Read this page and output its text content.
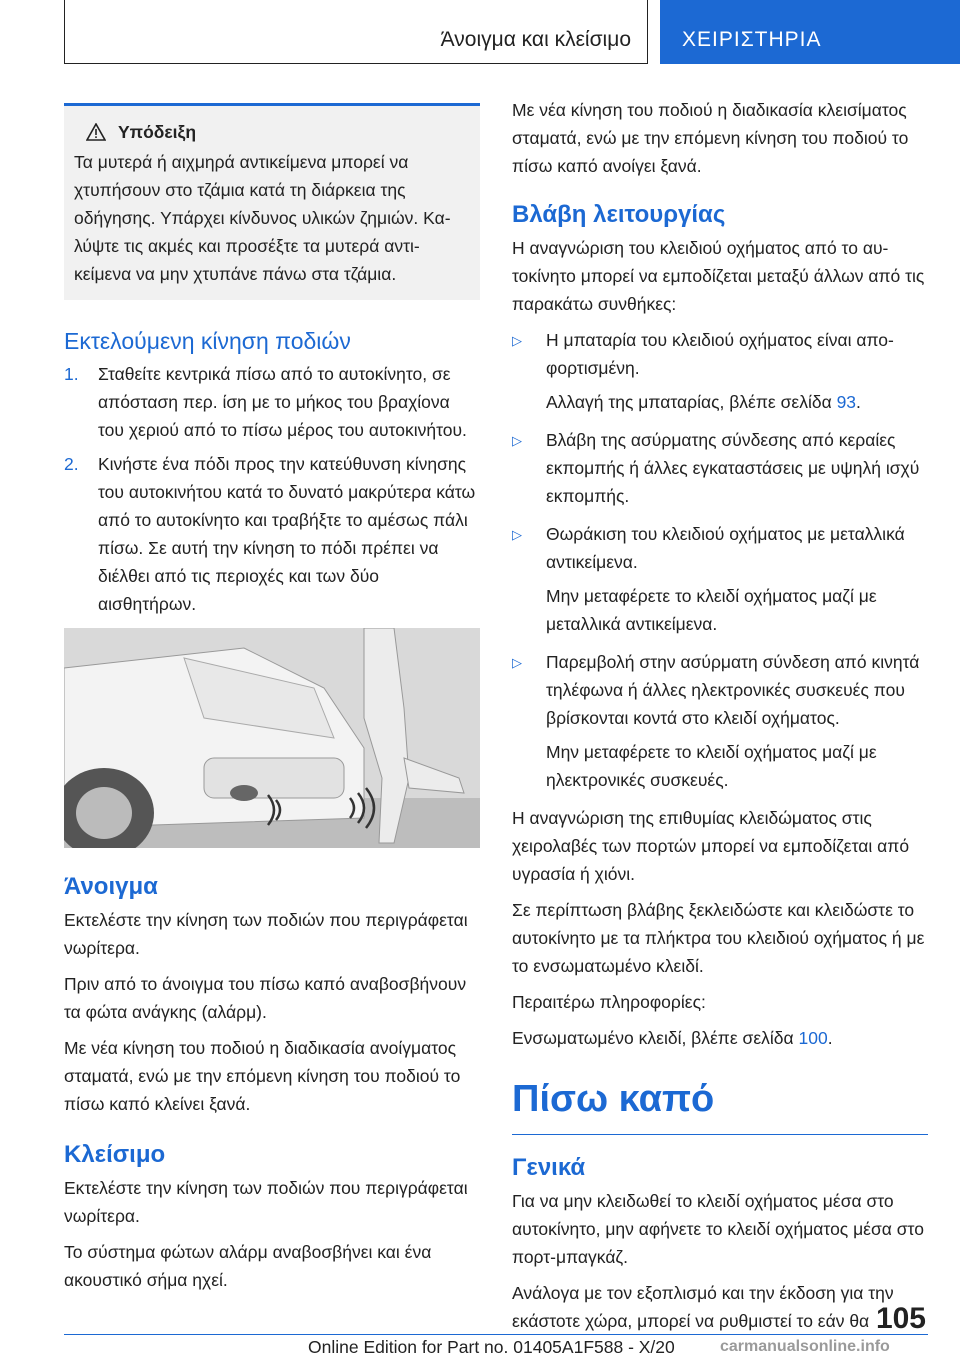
Άνοιγμα και κλείσιμο ΧΕΙΡΙΣΤΗΡΙΑ
Υπόδειξη

Τα μυτερά ή αιχμηρά αντικείμενα μπορεί να χτυπήσουν στο τζάμια κατά τη διάρκεια της οδήγησης. Υπάρχει κίνδυνος υλικών ζημιών. Καλύψτε τις ακμές και προσέξτε τα μυτερά αντικείμενα να μην χτυπάνε πάνω στα τζάμια.

Εκτελούμενη κίνηση ποδιών
1.	Σταθείτε κεντρικά πίσω από το αυτοκίνητο, σε απόσταση περ. ίση με το μήκος του βραχίονα του χεριού από το πίσω μέρος του αυτοκινήτου.
2.	Κινήστε ένα πόδι προς την κατεύθυνση κίνησης του αυτοκινήτου κατά το δυνατό μακρύτερα κάτω από το αυτοκίνητο και τραβήξτε το αμέσως πάλι πίσω. Σε αυτή την κίνηση το πόδι πρέπει να διέλθει από τις περιοχές και των δύο αισθητήρων.
Άνοιγμα

Εκτελέστε την κίνηση των ποδιών που περιγράφεται νωρίτερα.

Πριν από το άνοιγμα του πίσω καπό αναβοσβήνουν τα φώτα ανάγκης (αλάρμ).

Με νέα κίνηση του ποδιού η διαδικασία ανοίγματος σταματά, ενώ με την επόμενη κίνηση του ποδιού το πίσω καπό κλείνει ξανά.

Κλείσιμο

Εκτελέστε την κίνηση των ποδιών που περιγράφεται νωρίτερα.

Το σύστημα φώτων αλάρμ αναβοσβήνει και ένα ακουστικό σήμα ηχεί.

Με νέα κίνηση του ποδιού η διαδικασία κλεισίματος σταματά, ενώ με την επόμενη κίνηση του ποδιού το πίσω καπό ανοίγει ξανά.

Βλάβη λειτουργίας

Η αναγνώριση του κλειδιού οχήματος από το αυτοκίνητο μπορεί να εμποδίζεται μεταξύ άλλων από τις παρακάτω συνθήκες:

▷	Η μπαταρία του κλειδιού οχήματος είναι αποφορτισμένη.

Αλλαγή της μπαταρίας, βλέπε σελίδα 93.

▷	Βλάβη της ασύρματης σύνδεσης από κεραίες εκπομπής ή άλλες εγκαταστάσεις με υψηλή ισχύ εκπομπής.

▷	Θωράκιση του κλειδιού οχήματος με μεταλλικά αντικείμενα.

Μην μεταφέρετε το κλειδί οχήματος μαζί με μεταλλικά αντικείμενα.

▷	Παρεμβολή στην ασύρματη σύνδεση από κινητά τηλέφωνα ή άλλες ηλεκτρονικές συσκευές που βρίσκονται κοντά στο κλειδί οχήματος.

Μην μεταφέρετε το κλειδί οχήματος μαζί με ηλεκτρονικές συσκευές.

Η αναγνώριση της επιθυμίας κλειδώματος στις χειρολαβές των πορτών μπορεί να εμποδίζεται από υγρασία ή χιόνι.

Σε περίπτωση βλάβης ξεκλειδώστε και κλειδώστε το αυτοκίνητο με τα πλήκτρα του κλειδιού οχήματος ή με το ενσωματωμένο κλειδί.

Περαιτέρω πληροφορίες:

Ενσωματωμένο κλειδί, βλέπε σελίδα 100.

Πίσω καπό
Γενικά

Για να μην κλειδωθεί το κλειδί οχήματος μέσα στο αυτοκίνητο, μην αφήνετε το κλειδί οχήματος μέσα στο πορτ-μπαγκάζ.

Ανάλογα με τον εξοπλισμό και την έκδοση για την εκάστοτε χώρα, μπορεί να ρυθμιστεί το εάν θα 105
Online Edition for Part no. 01405A1F588 - X/20	carmanualsonline.info
